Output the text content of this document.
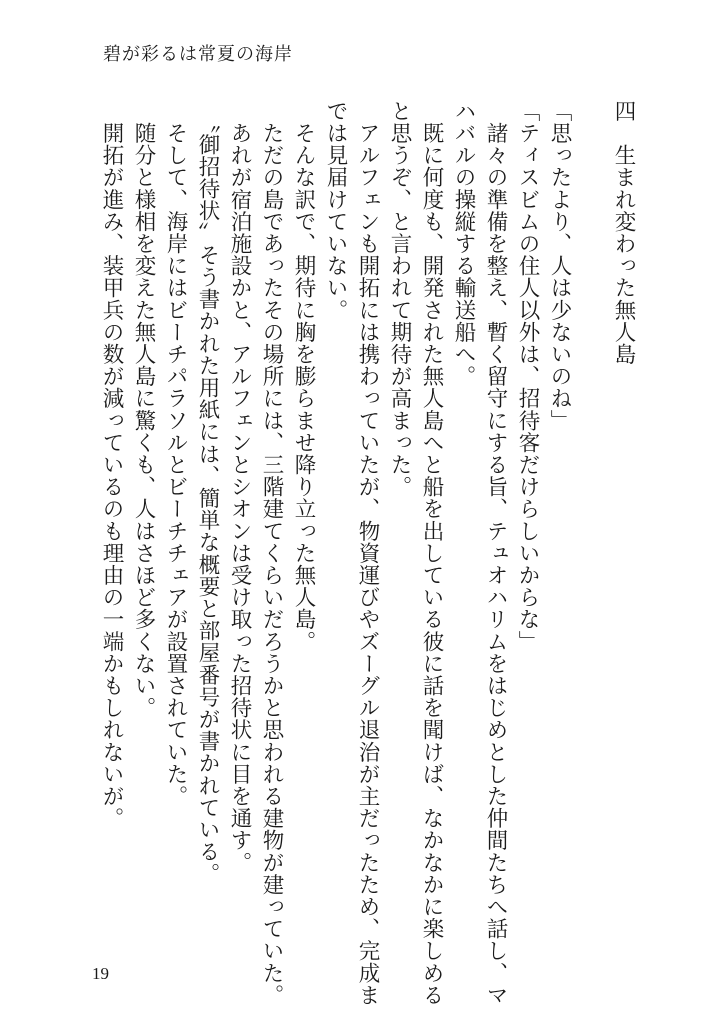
碧が彩るは常夏の海岸
四　生まれ変わった無人島
「思ったより、人は少ないのね」
「ティスビムの住人以外は、招待客だけらしいからな」
　諸々の準備を整え、暫く留守にする旨、テュオハリムをはじめとした仲間たちへ話し、マ
ハバルの操縦する輸送船へ。
　既に何度も、開発された無人島へと船を出している彼に話を聞けば、なかなかに楽しめる
と思うぞ、と言われて期待が高まった。
　アルフェンも開拓には携わっていたが、物資運びやズーグル退治が主だったため、完成ま
では見届けていない。
　そんな訳で、期待に胸を膨らませ降り立った無人島。
　ただの島であったその場所には、三階建てくらいだろうかと思われる建物が建っていた。
　あれが宿泊施設かと、アルフェンとシオンは受け取った招待状に目を通す。
　〝御招待状〟そう書かれた用紙には、簡単な概要と部屋番号が書かれている。
　そして、海岸にはビーチパラソルとビーチチェアが設置されていた。
　随分と様相を変えた無人島に驚くも、人はさほど多くない。
　開拓が進み、装甲兵の数が減っているのも理由の一端かもしれないが。
19
